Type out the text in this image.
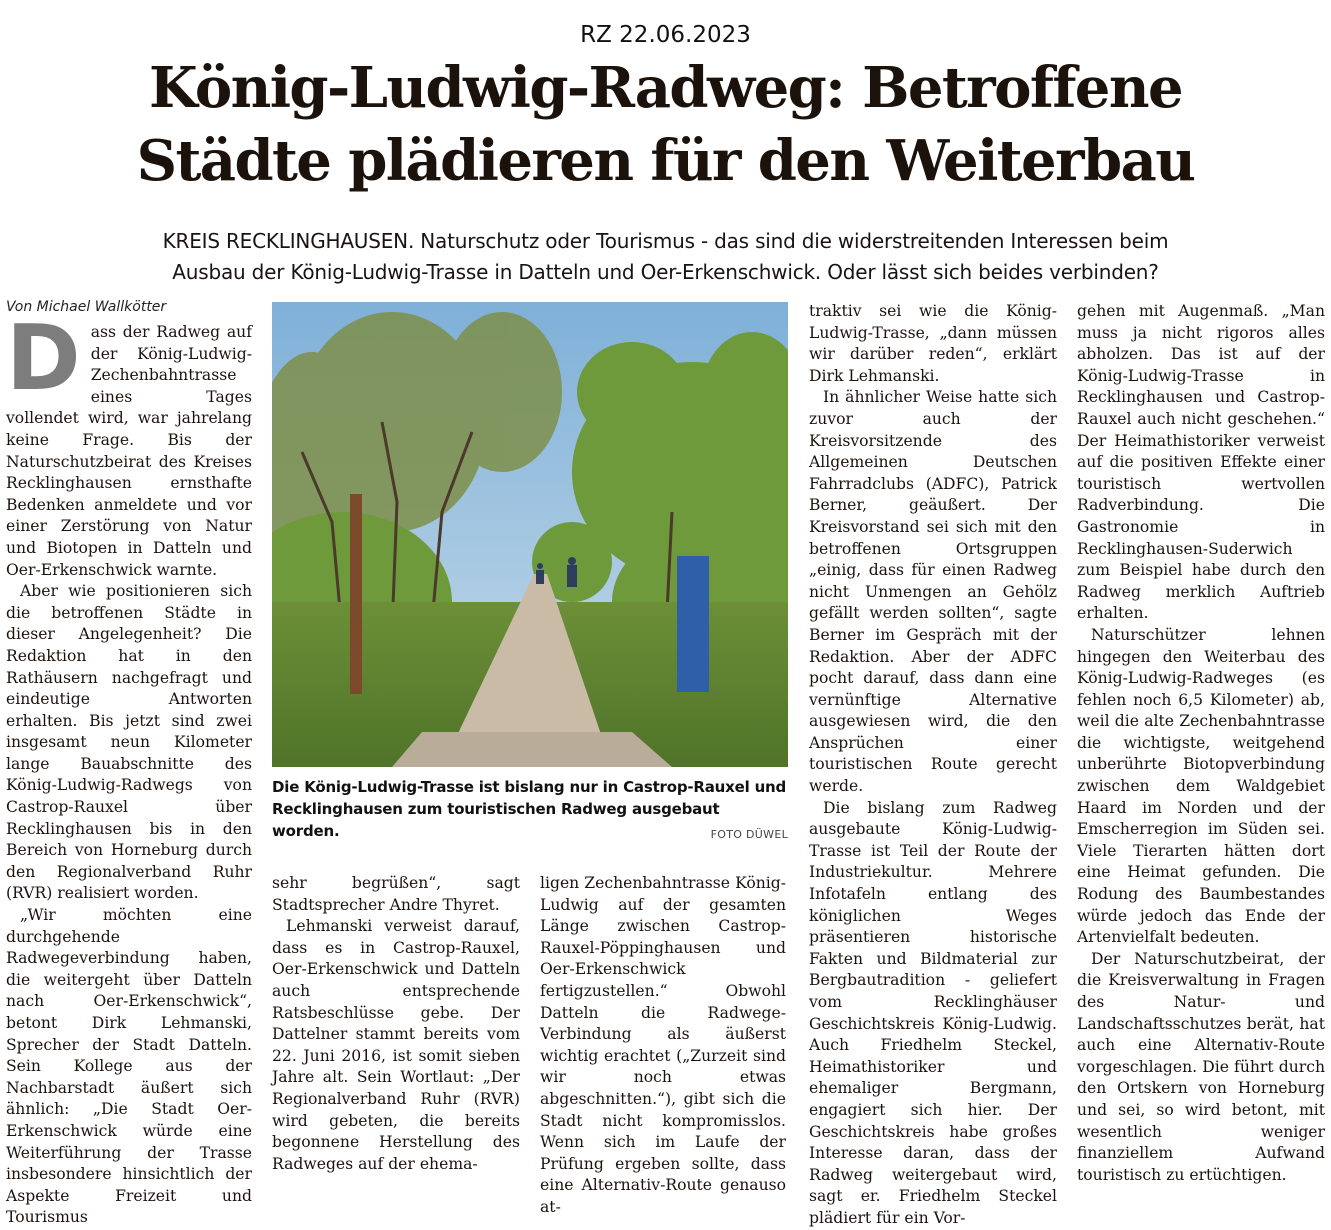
RZ 22.06.2023
König-Ludwig-Radweg: Betroffene
Städte plädieren für den Weiterbau

KREIS RECKLINGHAUSEN. Naturschutz oder Tourismus - das sind die widerstreitenden Interessen beim
Ausbau der König-Ludwig-Trasse in Datteln und Oer-Erkenschwick. Oder lässt sich beides verbinden?

Von Michael Wallkötter

Dass der Radweg auf der König-Ludwig-Zechenbahntrasse eines Tages vollendet wird, war jahrelang keine Frage. Bis der Naturschutzbeirat des Kreises Recklinghausen ernsthafte Bedenken anmeldete und vor einer Zerstörung von Natur und Biotopen in Datteln und Oer-Erkenschwick warnte.

Aber wie positionieren sich die betroffenen Städte in dieser Angelegenheit? Die Redaktion hat in den Rathäusern nachgefragt und eindeutige Antworten erhalten. Bis jetzt sind zwei insgesamt neun Kilometer lange Bauabschnitte des König-Ludwig-Radwegs von Castrop-Rauxel über Recklinghausen bis in den Bereich von Horneburg durch den Regionalverband Ruhr (RVR) realisiert worden.

„Wir möchten eine durchgehende Radwegeverbindung haben, die weitergeht über Datteln nach Oer-Erkenschwick“, betont Dirk Lehmanski, Sprecher der Stadt Datteln. Sein Kollege aus der Nachbarstadt äußert sich ähnlich: „Die Stadt Oer-Erkenschwick würde eine Weiterführung der Trasse insbesondere hinsichtlich der Aspekte Freizeit und Tourismus

Die König-Ludwig-Trasse ist bislang nur in Castrop-Rauxel und Recklinghausen zum touristischen Radweg ausgebaut worden.	FOTO DÜWEL

sehr begrüßen“, sagt Stadtsprecher Andre Thyret.

Lehmanski verweist darauf, dass es in Castrop-Rauxel, Oer-Erkenschwick und Datteln auch entsprechende Ratsbeschlüsse gebe. Der Dattelner stammt bereits vom 22. Juni 2016, ist somit sieben Jahre alt. Sein Wortlaut: „Der Regionalverband Ruhr (RVR) wird gebeten, die bereits begonnene Herstellung des Radweges auf der ehema-

ligen Zechenbahntrasse König-Ludwig auf der gesamten Länge zwischen Castrop-Rauxel-Pöppinghausen und Oer-Erkenschwick fertigzustellen.“ Obwohl Datteln die Radwege-Verbindung als äußerst wichtig erachtet („Zurzeit sind wir noch etwas abgeschnitten.“), gibt sich die Stadt nicht kompromisslos. Wenn sich im Laufe der Prüfung ergeben sollte, dass eine Alternativ-Route genauso at-

traktiv sei wie die König-Ludwig-Trasse, „dann müssen wir darüber reden“, erklärt Dirk Lehmanski.

In ähnlicher Weise hatte sich zuvor auch der Kreisvorsitzende des Allgemeinen Deutschen Fahrradclubs (ADFC), Patrick Berner, geäußert. Der Kreisvorstand sei sich mit den betroffenen Ortsgruppen „einig, dass für einen Radweg nicht Unmengen an Gehölz gefällt werden sollten“, sagte Berner im Gespräch mit der Redaktion. Aber der ADFC pocht darauf, dass dann eine vernünftige Alternative ausgewiesen wird, die den Ansprüchen einer touristischen Route gerecht werde.

Die bislang zum Radweg ausgebaute König-Ludwig-Trasse ist Teil der Route der Industriekultur. Mehrere Infotafeln entlang des königlichen Weges präsentieren historische Fakten und Bildmaterial zur Bergbautradition - geliefert vom Recklinghäuser Geschichtskreis König-Ludwig. Auch Friedhelm Steckel, Heimathistoriker und ehemaliger Bergmann, engagiert sich hier. Der Geschichtskreis habe großes Interesse daran, dass der Radweg weitergebaut wird, sagt er. Friedhelm Steckel plädiert für ein Vor-

gehen mit Augenmaß. „Man muss ja nicht rigoros alles abholzen. Das ist auf der König-Ludwig-Trasse in Recklinghausen und Castrop-Rauxel auch nicht geschehen.“ Der Heimathistoriker verweist auf die positiven Effekte einer touristisch wertvollen Radverbindung. Die Gastronomie in Recklinghausen-Suderwich zum Beispiel habe durch den Radweg merklich Auftrieb erhalten.

Naturschützer lehnen hingegen den Weiterbau des König-Ludwig-Radweges (es fehlen noch 6,5 Kilometer) ab, weil die alte Zechenbahntrasse die wichtigste, weitgehend unberührte Biotopverbindung zwischen dem Waldgebiet Haard im Norden und der Emscherregion im Süden sei. Viele Tierarten hätten dort eine Heimat gefunden. Die Rodung des Baumbestandes würde jedoch das Ende der Artenvielfalt bedeuten.

Der Naturschutzbeirat, der die Kreisverwaltung in Fragen des Natur- und Landschaftsschutzes berät, hat auch eine Alternativ-Route vorgeschlagen. Die führt durch den Ortskern von Horneburg und sei, so wird betont, mit wesentlich weniger finanziellem Aufwand touristisch zu ertüchtigen.
